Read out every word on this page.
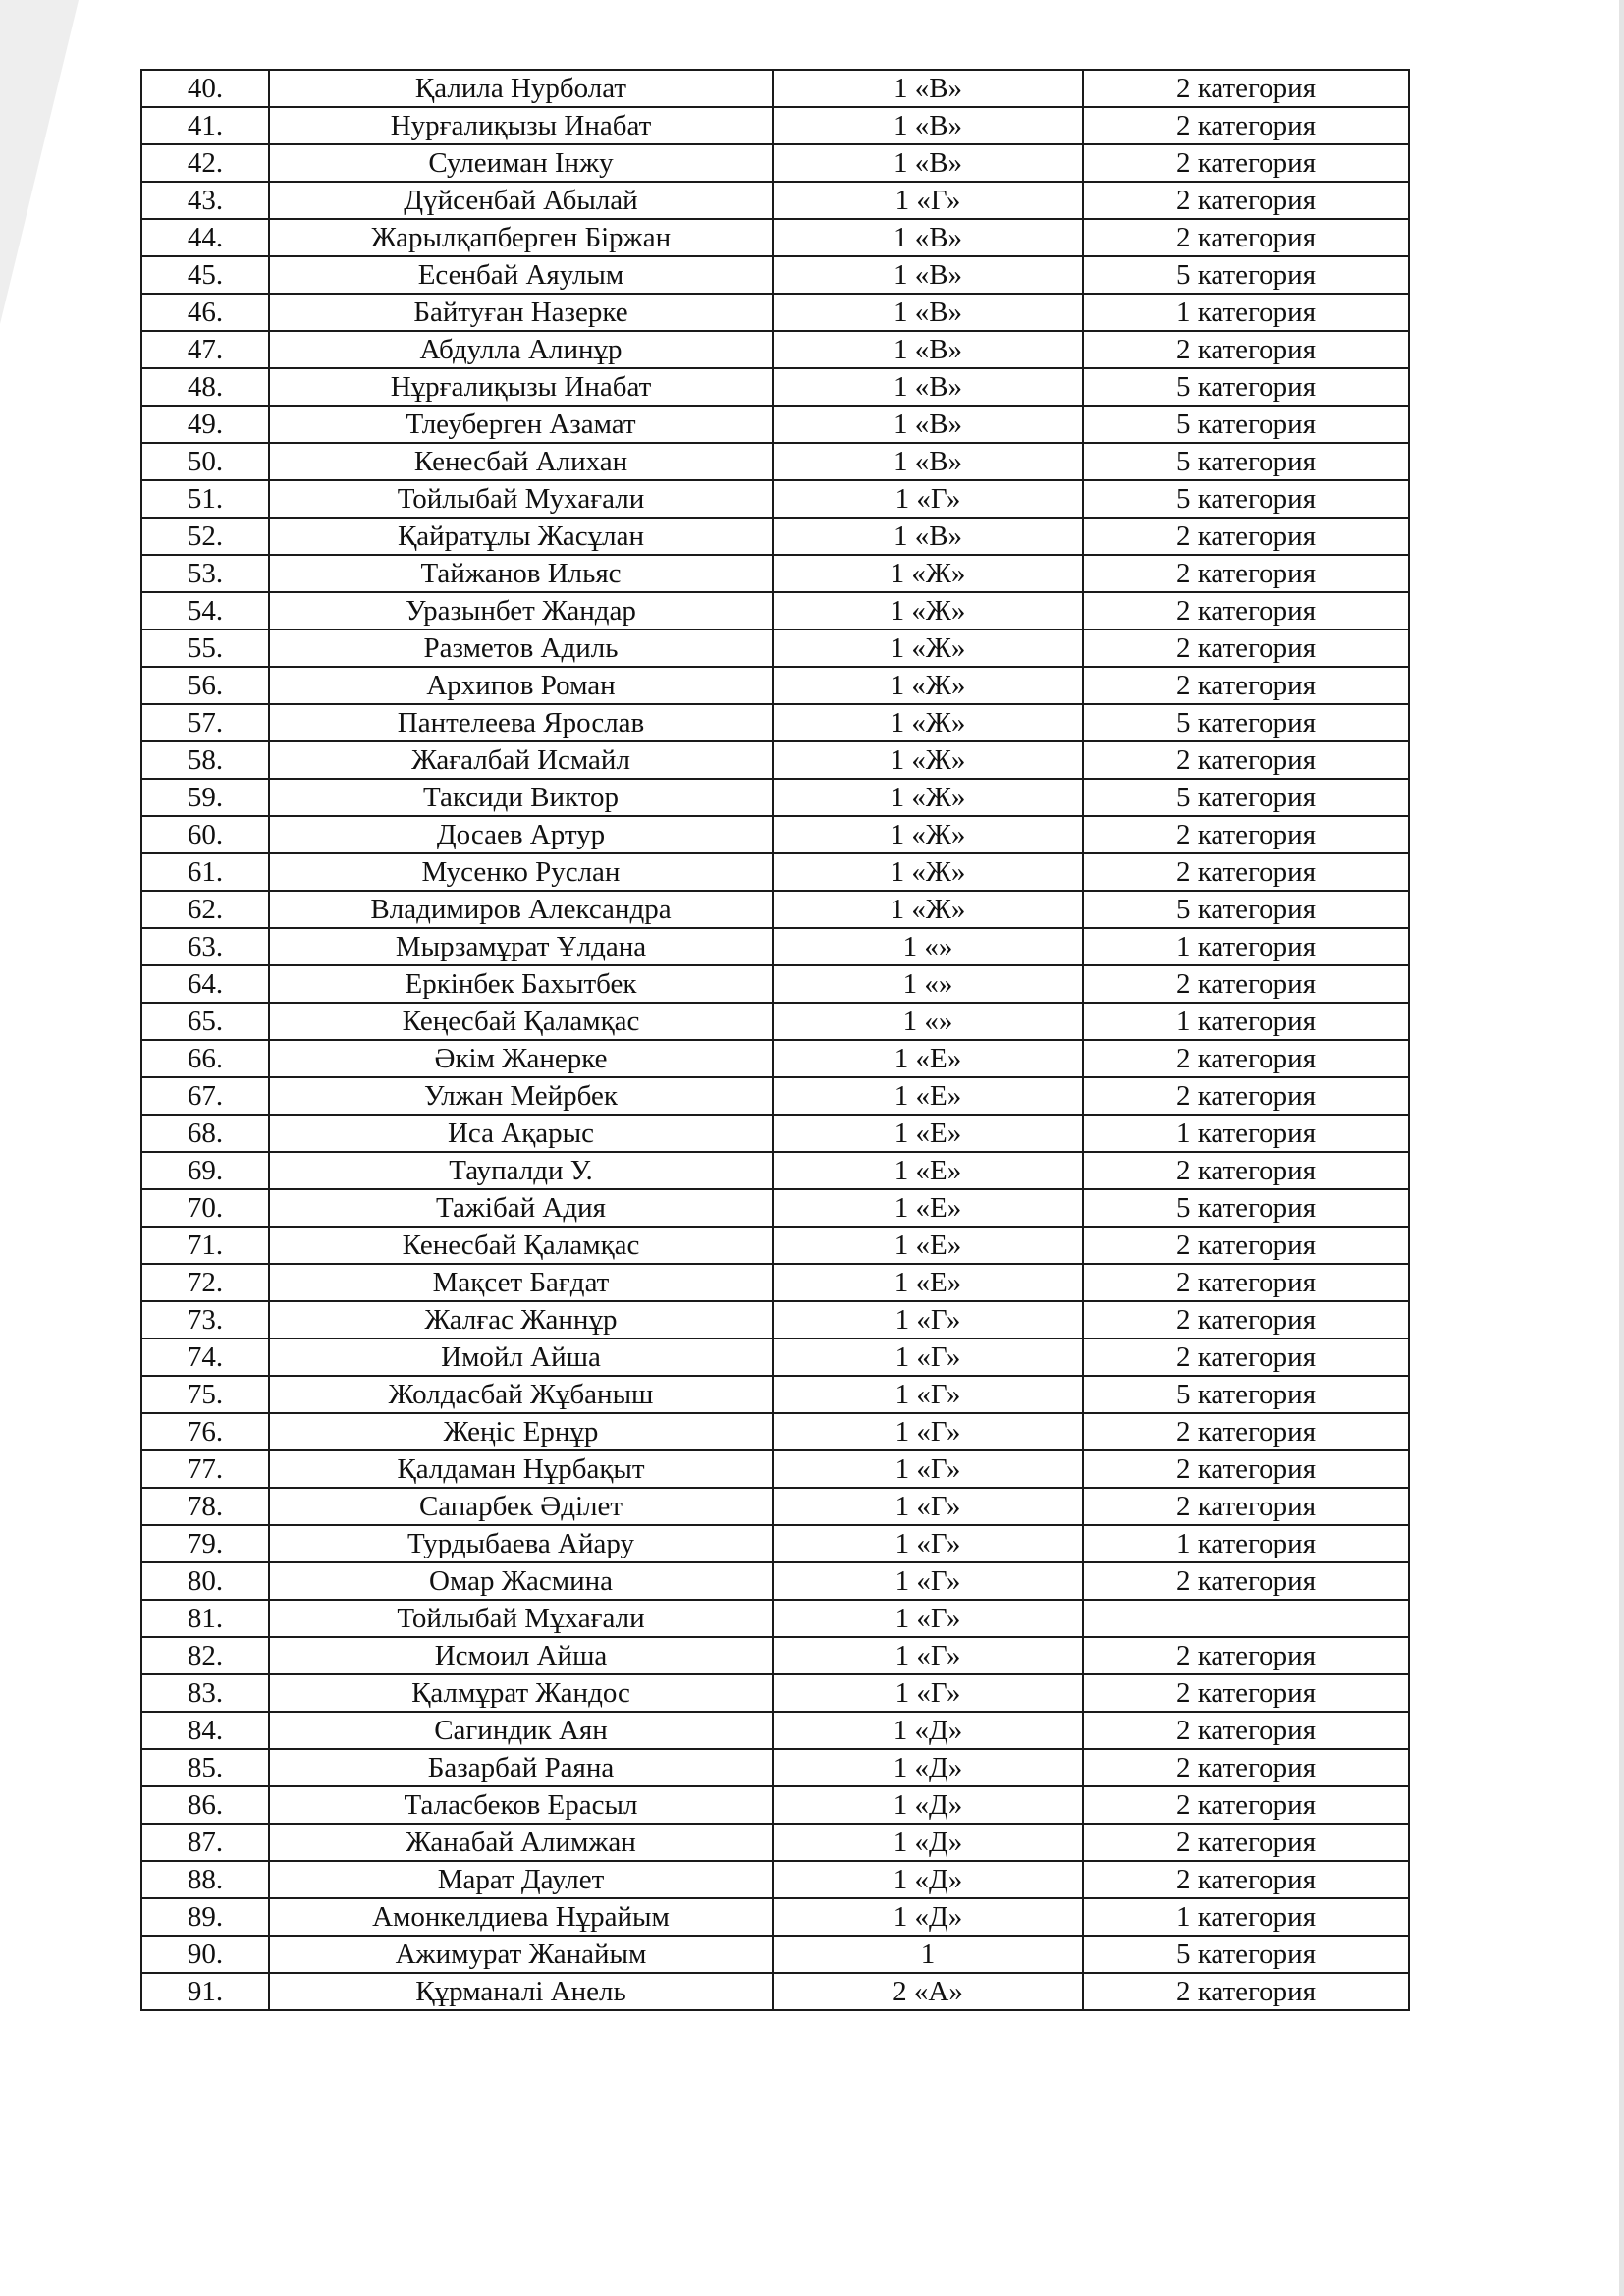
40.	Қалила Нурболат	1 «В»	2 категория
41.	Нурғалиқызы Инабат	1 «В»	2 категория
42.	Сулеиман Інжу	1 «В»	2 категория
43.	Дүйсенбай Абылай	1 «Г»	2 категория
44.	Жарылқапберген Біржан	1 «В»	2 категория
45.	Есенбай Аяулым	1 «В»	5 категория
46.	Байтуған Назерке	1 «В»	1 категория
47.	Абдулла Алинұр	1 «В»	2 категория
48.	Нұрғалиқызы Инабат	1 «В»	5 категория
49.	Тлеуберген Азамат	1 «В»	5 категория
50.	Кенесбай Алихан	1 «В»	5 категория
51.	Тойлыбай Мухағали	1 «Г»	5 категория
52.	Қайратұлы Жасұлан	1 «В»	2 категория
53.	Тайжанов Ильяс	1 «Ж»	2 категория
54.	Уразынбет Жандар	1 «Ж»	2 категория
55.	Разметов Адиль	1 «Ж»	2 категория
56.	Архипов Роман	1 «Ж»	2 категория
57.	Пантелеева Ярослав	1 «Ж»	5 категория
58.	Жағалбай Исмайл	1 «Ж»	2 категория
59.	Таксиди Виктор	1 «Ж»	5 категория
60.	Досаев Артур	1 «Ж»	2 категория
61.	Мусенко Руслан	1 «Ж»	2 категория
62.	Владимиров Александра	1 «Ж»	5 категория
63.	Мырзамұрат Ұлдана	1 «»	1 категория
64.	Еркінбек Бахытбек	1 «»	2 категория
65.	Кеңесбай Қаламқас	1 «»	1 категория
66.	Әкім Жанерке	1 «Е»	2 категория
67.	Улжан Мейрбек	1 «Е»	2 категория
68.	Иса Ақарыс	1 «Е»	1 категория
69.	Таупалди У.	1 «Е»	2 категория
70.	Тажібай Адия	1 «Е»	5 категория
71.	Кенесбай Қаламқас	1 «Е»	2 категория
72.	Мақсет Бағдат	1 «Е»	2 категория
73.	Жалғас Жаннұр	1 «Г»	2 категория
74.	Имойл Айша	1 «Г»	2 категория
75.	Жолдасбай Жұбаныш	1 «Г»	5 категория
76.	Жеңіс Ернұр	1 «Г»	2 категория
77.	Қалдаман Нұрбақыт	1 «Г»	2 категория
78.	Сапарбек Әділет	1 «Г»	2 категория
79.	Турдыбаева Айару	1 «Г»	1 категория
80.	Омар Жасмина	1 «Г»	2 категория
81.	Тойлыбай Мұхағали	1 «Г»	
82.	Исмоил Айша	1 «Г»	2 категория
83.	Қалмұрат Жандос	1 «Г»	2 категория
84.	Сагиндик Аян	1 «Д»	2 категория
85.	Базарбай Раяна	1 «Д»	2 категория
86.	Таласбеков Ерасыл	1 «Д»	2 категория
87.	Жанабай Алимжан	1 «Д»	2 категория
88.	Марат Даулет	1 «Д»	2 категория
89.	Амонкелдиева Нұрайым	1 «Д»	1 категория
90.	Ажимурат Жанайым	1	5 категория
91.	Құрманалі Анель	2 «А»	2 категория
